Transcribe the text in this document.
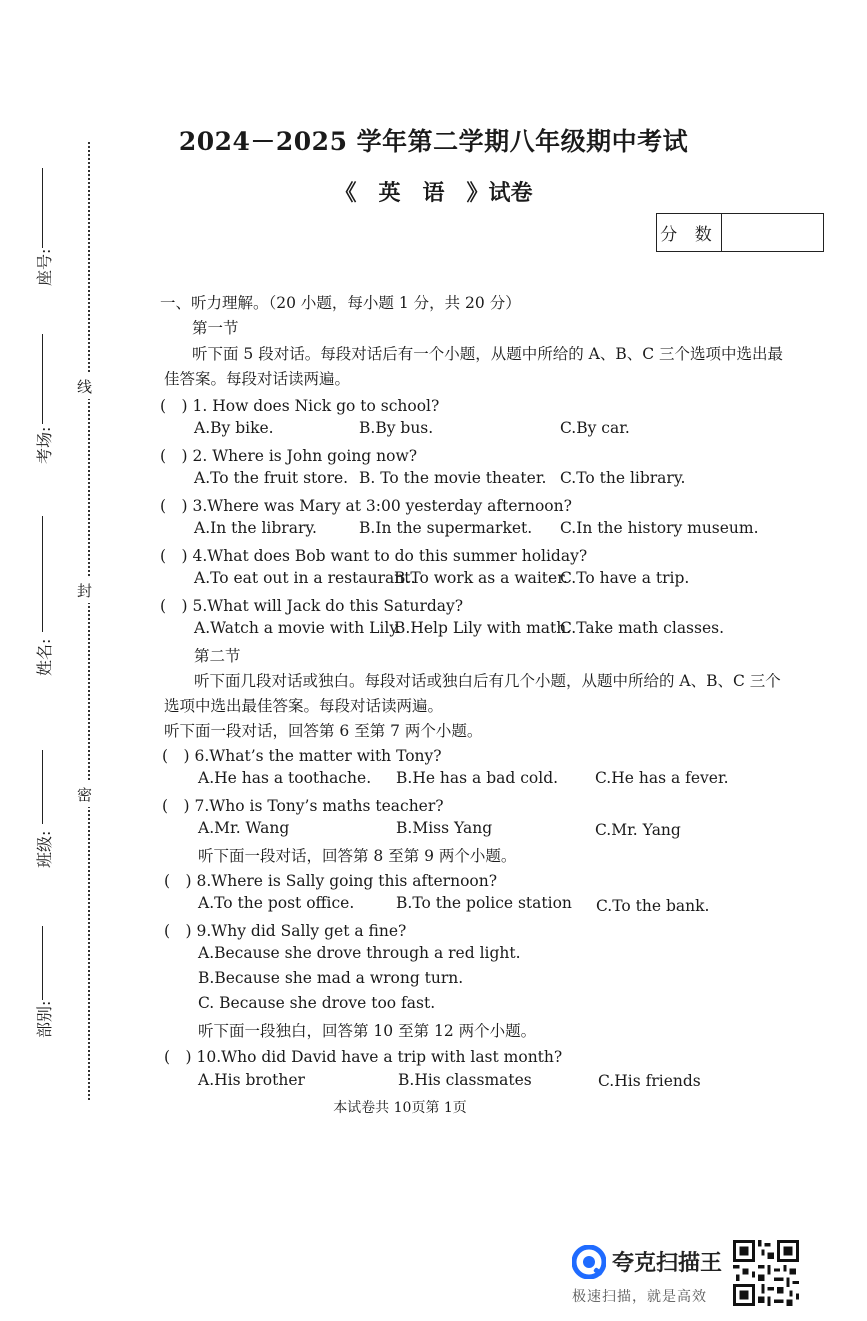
线
封
密
座号:
考场:
姓名:
班级:
部别:
2024－2025 学年第二学期八年级期中考试
《　英　语　》试卷
分 数
一、听力理解。（20 小题，每小题 1 分，共 20 分）
第一节
听下面 5 段对话。每段对话后有一个小题，从题中所给的 A、B、C 三个选项中选出最
佳答案。每段对话读两遍。
(　) 1. How does Nick go to school?
A.By bike.	B.By bus.	C.By car.
(　) 2. Where is John going now?
A.To the fruit store. B. To the movie theater. C.To the library.
(　) 3.Where was Mary at 3:00 yesterday afternoon?
A.In the library.	B.In the supermarket. C.In the history museum.
(　) 4.What does Bob want to do this summer holiday?
A.To eat out in a restaurant.
B.To work as a waiter.
C.To have a trip.
(　) 5.What will Jack do this Saturday?
A.Watch a movie with Lily.
B.Help Lily with math.
C.Take math classes.
第二节
听下面几段对话或独白。每段对话或独白后有几个小题，从题中所给的 A、B、C 三个
选项中选出最佳答案。每段对话读两遍。
听下面一段对话，回答第 6 至第 7 两个小题。
(　) 6.What’s the matter with Tony?
A.He has a toothache. B.He has a bad cold. C.He has a fever.
(　) 7.Who is Tony’s maths teacher?
A.Mr. Wang	B.Miss Yang	C.Mr. Yang
听下面一段对话，回答第 8 至第 9 两个小题。
(　) 8.Where is Sally going this afternoon?
A.To the post office.	B.To the police station C.To the bank.
(　) 9.Why did Sally get a fine?
A.Because she drove through a red light.
B.Because she mad a wrong turn.
C. Because she drove too fast.
听下面一段独白，回答第 10 至第 12 两个小题。
(　) 10.Who did David have a trip with last month?
A.His brother	B.His classmates	C.His friends
本试卷共 10页第 1页
夸克扫描王
极速扫描，就是高效
